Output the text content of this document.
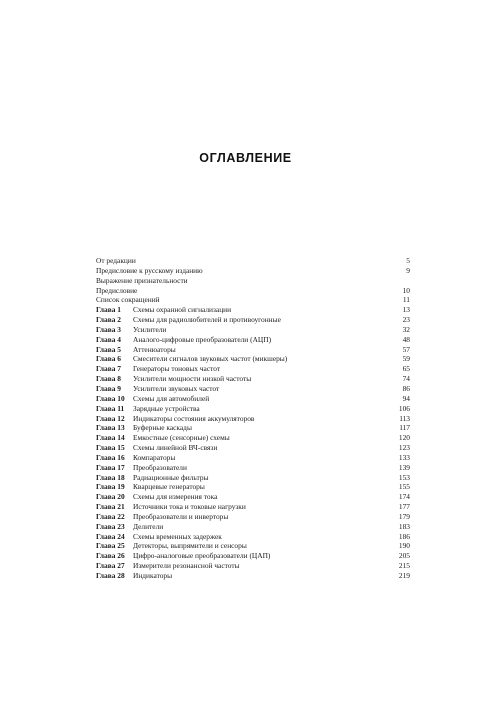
ОГЛАВЛЕНИЕ
От редакции	5
Предисловие к русскому изданию	9
Выражение признательности
Предисловие	10
Список сокращений	11
Глава 1	Схемы охранной сигнализации	13
Глава 2	Схемы для радиолюбителей и противоугонные	23
Глава 3	Усилители	32
Глава 4	Аналого-цифровые преобразователи (АЦП)	48
Глава 5	Аттенюаторы	57
Глава 6	Смесители сигналов звуковых частот (микшеры)	59
Глава 7	Генераторы тоновых частот	65
Глава 8	Усилители мощности низкой частоты	74
Глава 9	Усилители звуковых частот	86
Глава 10	Схемы для автомобилей	94
Глава 11	Зарядные устройства	106
Глава 12	Индикаторы состояния аккумуляторов	113
Глава 13	Буферные каскады	117
Глава 14	Емкостные (сенсорные) схемы	120
Глава 15	Схемы линейной ВЧ-связи	123
Глава 16	Компараторы	133
Глава 17	Преобразователи	139
Глава 18	Радиационные фильтры	153
Глава 19	Кварцевые генераторы	155
Глава 20	Схемы для измерения тока	174
Глава 21	Источники тока и токовые нагрузки	177
Глава 22	Преобразователи и инверторы	179
Глава 23	Делители	183
Глава 24	Схемы временных задержек	186
Глава 25	Детекторы, выпрямители и сенсоры	190
Глава 26	Цифро-аналоговые преобразователи (ЦАП)	205
Глава 27	Измерители резонансной частоты	215
Глава 28	Индикаторы	219
